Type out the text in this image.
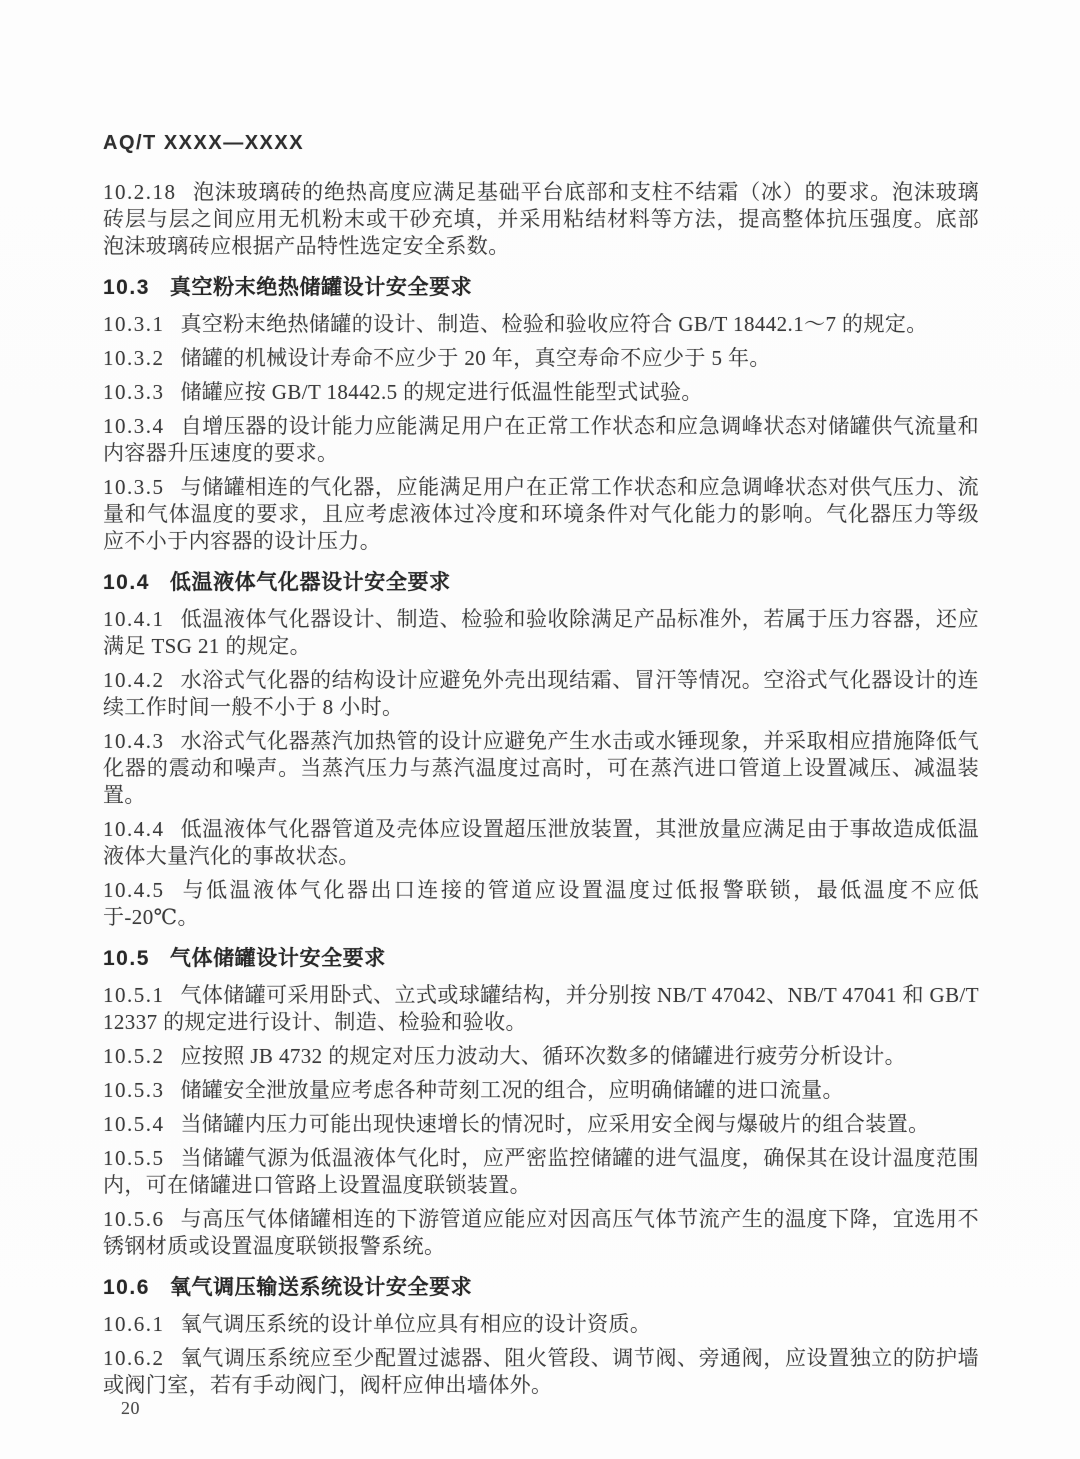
AQ/T XXXX—XXXX

10.2.18 泡沫玻璃砖的绝热高度应满足基础平台底部和支柱不结霜（冰）的要求。泡沫玻璃砖层与层之间应用无机粉末或干砂充填，并采用粘结材料等方法，提高整体抗压强度。底部泡沫玻璃砖应根据产品特性选定安全系数。

10.3 真空粉末绝热储罐设计安全要求

10.3.1 真空粉末绝热储罐的设计、制造、检验和验收应符合 GB/T 18442.1～7 的规定。

10.3.2 储罐的机械设计寿命不应少于 20 年，真空寿命不应少于 5 年。

10.3.3 储罐应按 GB/T 18442.5 的规定进行低温性能型式试验。

10.3.4 自增压器的设计能力应能满足用户在正常工作状态和应急调峰状态对储罐供气流量和内容器升压速度的要求。

10.3.5 与储罐相连的气化器，应能满足用户在正常工作状态和应急调峰状态对供气压力、流量和气体温度的要求，且应考虑液体过冷度和环境条件对气化能力的影响。气化器压力等级应不小于内容器的设计压力。

10.4 低温液体气化器设计安全要求

10.4.1 低温液体气化器设计、制造、检验和验收除满足产品标准外，若属于压力容器，还应满足 TSG 21 的规定。

10.4.2 水浴式气化器的结构设计应避免外壳出现结霜、冒汗等情况。空浴式气化器设计的连续工作时间一般不小于 8 小时。

10.4.3 水浴式气化器蒸汽加热管的设计应避免产生水击或水锤现象，并采取相应措施降低气化器的震动和噪声。当蒸汽压力与蒸汽温度过高时，可在蒸汽进口管道上设置减压、减温装置。

10.4.4 低温液体气化器管道及壳体应设置超压泄放装置，其泄放量应满足由于事故造成低温液体大量汽化的事故状态。

10.4.5 与低温液体气化器出口连接的管道应设置温度过低报警联锁，最低温度不应低于-20℃。

10.5 气体储罐设计安全要求

10.5.1 气体储罐可采用卧式、立式或球罐结构，并分别按 NB/T 47042、NB/T 47041 和 GB/T 12337 的规定进行设计、制造、检验和验收。

10.5.2 应按照 JB 4732 的规定对压力波动大、循环次数多的储罐进行疲劳分析设计。

10.5.3 储罐安全泄放量应考虑各种苛刻工况的组合，应明确储罐的进口流量。

10.5.4 当储罐内压力可能出现快速增长的情况时，应采用安全阀与爆破片的组合装置。

10.5.5 当储罐气源为低温液体气化时，应严密监控储罐的进气温度，确保其在设计温度范围内，可在储罐进口管路上设置温度联锁装置。

10.5.6 与高压气体储罐相连的下游管道应能应对因高压气体节流产生的温度下降，宜选用不锈钢材质或设置温度联锁报警系统。

10.6 氧气调压输送系统设计安全要求

10.6.1 氧气调压系统的设计单位应具有相应的设计资质。

10.6.2 氧气调压系统应至少配置过滤器、阻火管段、调节阀、旁通阀，应设置独立的防护墙或阀门室，若有手动阀门，阀杆应伸出墙体外。

20
